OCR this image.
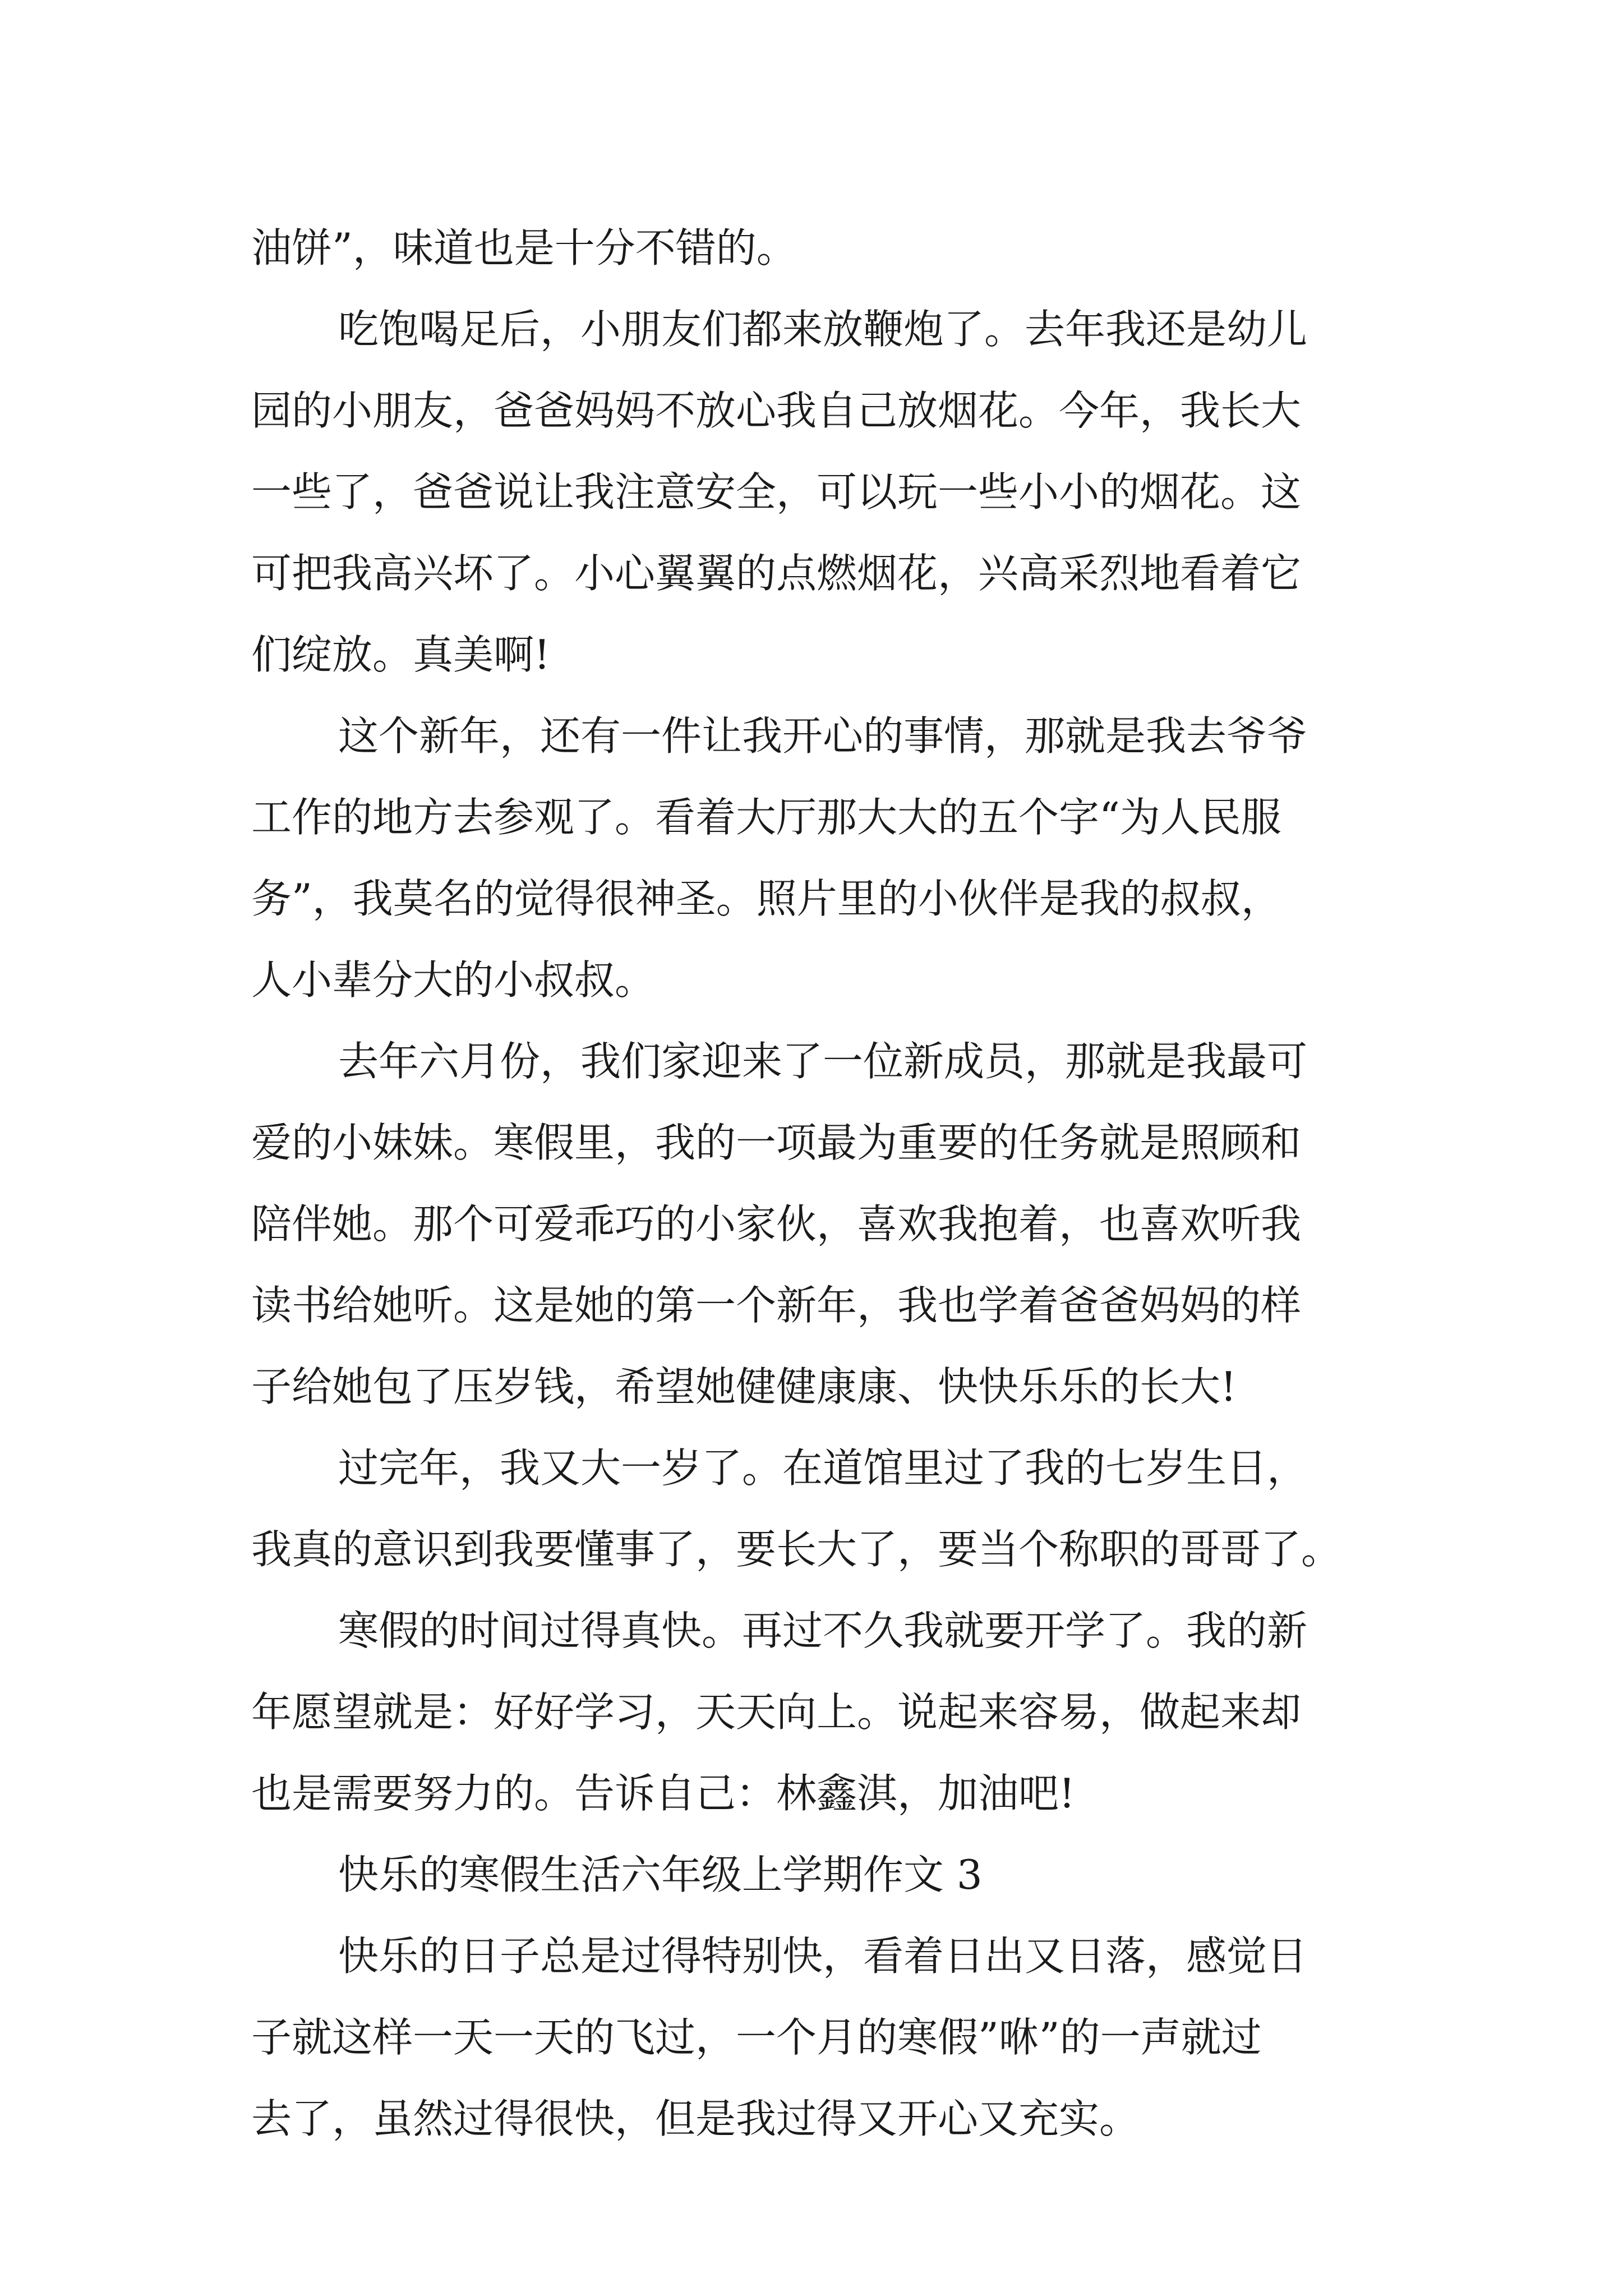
油饼”，味道也是十分不错的。
吃饱喝足后，小朋友们都来放鞭炮了。去年我还是幼儿
园的小朋友，爸爸妈妈不放心我自己放烟花。今年，我长大
一些了，爸爸说让我注意安全，可以玩一些小小的烟花。这
可把我高兴坏了。小心翼翼的点燃烟花，兴高采烈地看着它
们绽放。真美啊!
这个新年，还有一件让我开心的事情，那就是我去爷爷
工作的地方去参观了。看着大厅那大大的五个字“为人民服
务”，我莫名的觉得很神圣。照片里的小伙伴是我的叔叔，
人小辈分大的小叔叔。
去年六月份，我们家迎来了一位新成员，那就是我最可
爱的小妹妹。寒假里，我的一项最为重要的任务就是照顾和
陪伴她。那个可爱乖巧的小家伙，喜欢我抱着，也喜欢听我
读书给她听。这是她的第一个新年，我也学着爸爸妈妈的样
子给她包了压岁钱，希望她健健康康、快快乐乐的长大!
过完年，我又大一岁了。在道馆里过了我的七岁生日，
我真的意识到我要懂事了，要长大了，要当个称职的哥哥了。
寒假的时间过得真快。再过不久我就要开学了。我的新
年愿望就是：好好学习，天天向上。说起来容易，做起来却
也是需要努力的。告诉自己：林鑫淇，加油吧!
快乐的寒假生活六年级上学期作文 3
快乐的日子总是过得特别快，看着日出又日落，感觉日
子就这样一天一天的飞过，一个月的寒假”咻”的一声就过
去了，虽然过得很快，但是我过得又开心又充实。
